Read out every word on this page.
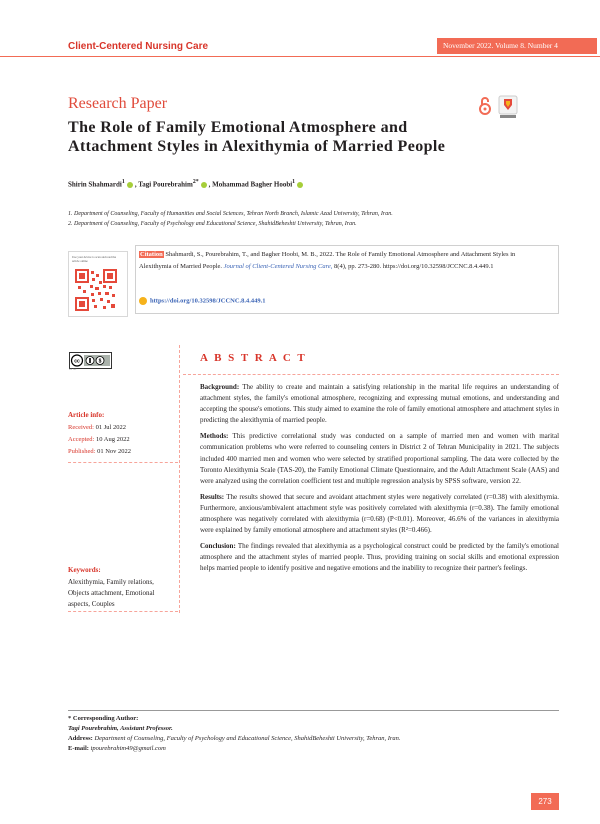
Client-Centered Nursing Care	November 2022. Volume 8. Number 4
Research Paper
The Role of Family Emotional Atmosphere and Attachment Styles in Alexithymia of Married People
Shirin Shahmardi$^1$ , Tagi Pourebrahim$^{2*}$ , Mohammad Bagher Hoobi$^1$
1. Department of Counseling, Faculty of Humanities and Social Sciences, Tehran North Branch, Islamic Azad University, Tehran, Iran.
2. Department of Counseling, Faculty of Psychology and Educational Science, ShahidBeheshti University, Tehran, Iran.
Use your device to scan and read the article online
Citation Shahmardi, S., Pourebrahim, T., and Bagher Hoobi, M. B., 2022. The Role of Family Emotional Atmosphere and Attachment Styles in Alexithymia of Married People. Journal of Client-Centered Nursing Care, 8(4), pp. 273-280. https://doi.org/10.32598/JCCNC.8.4.449.1
https://doi.org/10.32598/JCCNC.8.4.449.1
cc	$
BY NC
A B S T R A C T

Background: The ability to create and maintain a satisfying relationship in the marital life requires an understanding of attachment styles, the family's emotional atmosphere, recognizing and expressing mutual emotions, and understanding and accepting the spouse's emotions. This study aimed to examine the role of family emotional atmosphere and attachment styles in predicting the alexithymia of married people.

Methods: This predictive correlational study was conducted on a sample of married men and women with marital communication problems who were referred to counseling centers in District 2 of Tehran Municipality in 2021. The subjects included 400 married men and women who were selected by stratified proportional sampling. The data were collected by the Toronto Alexithymia Scale (TAS-20), the Family Emotional Climate Questionnaire, and the Adult Attachment Scale (AAS) and were analyzed using the correlation coefficient test and multiple regression analysis by SPSS software, version 22.

Results: The results showed that secure and avoidant attachment styles were negatively correlated (r=0.38) with alexithymia. Furthermore, anxious/ambivalent attachment style was positively correlated with alexithymia (r=0.38). The family emotional atmosphere was negatively correlated with alexithymia (r=0.68) (P<0.01). Moreover, 46.6% of the variances in alexithymia were explained by family emotional atmosphere and attachment styles (R²=0.466).

Conclusion: The findings revealed that alexithymia as a psychological construct could be predicted by the family's emotional atmosphere and the attachment styles of married people. Thus, providing training on social skills and emotional expression helps married people to identify positive and negative emotions and the inability to recognize their partner's feelings.

Article info:
Received: 01 Jul 2022
Accepted: 10 Aug 2022
Published: 01 Nov 2022
Keywords:
Alexithymia, Family relations, Objects attachment, Emotional aspects, Couples
* Corresponding Author:
Tagi Pourebrahim, Assistant Professor.
Address: Department of Counseling, Faculty of Psychology and Educational Science, ShahidBeheshti University, Tehran, Iran.
E-mail: tpourebrahim49@gmail.com
273
